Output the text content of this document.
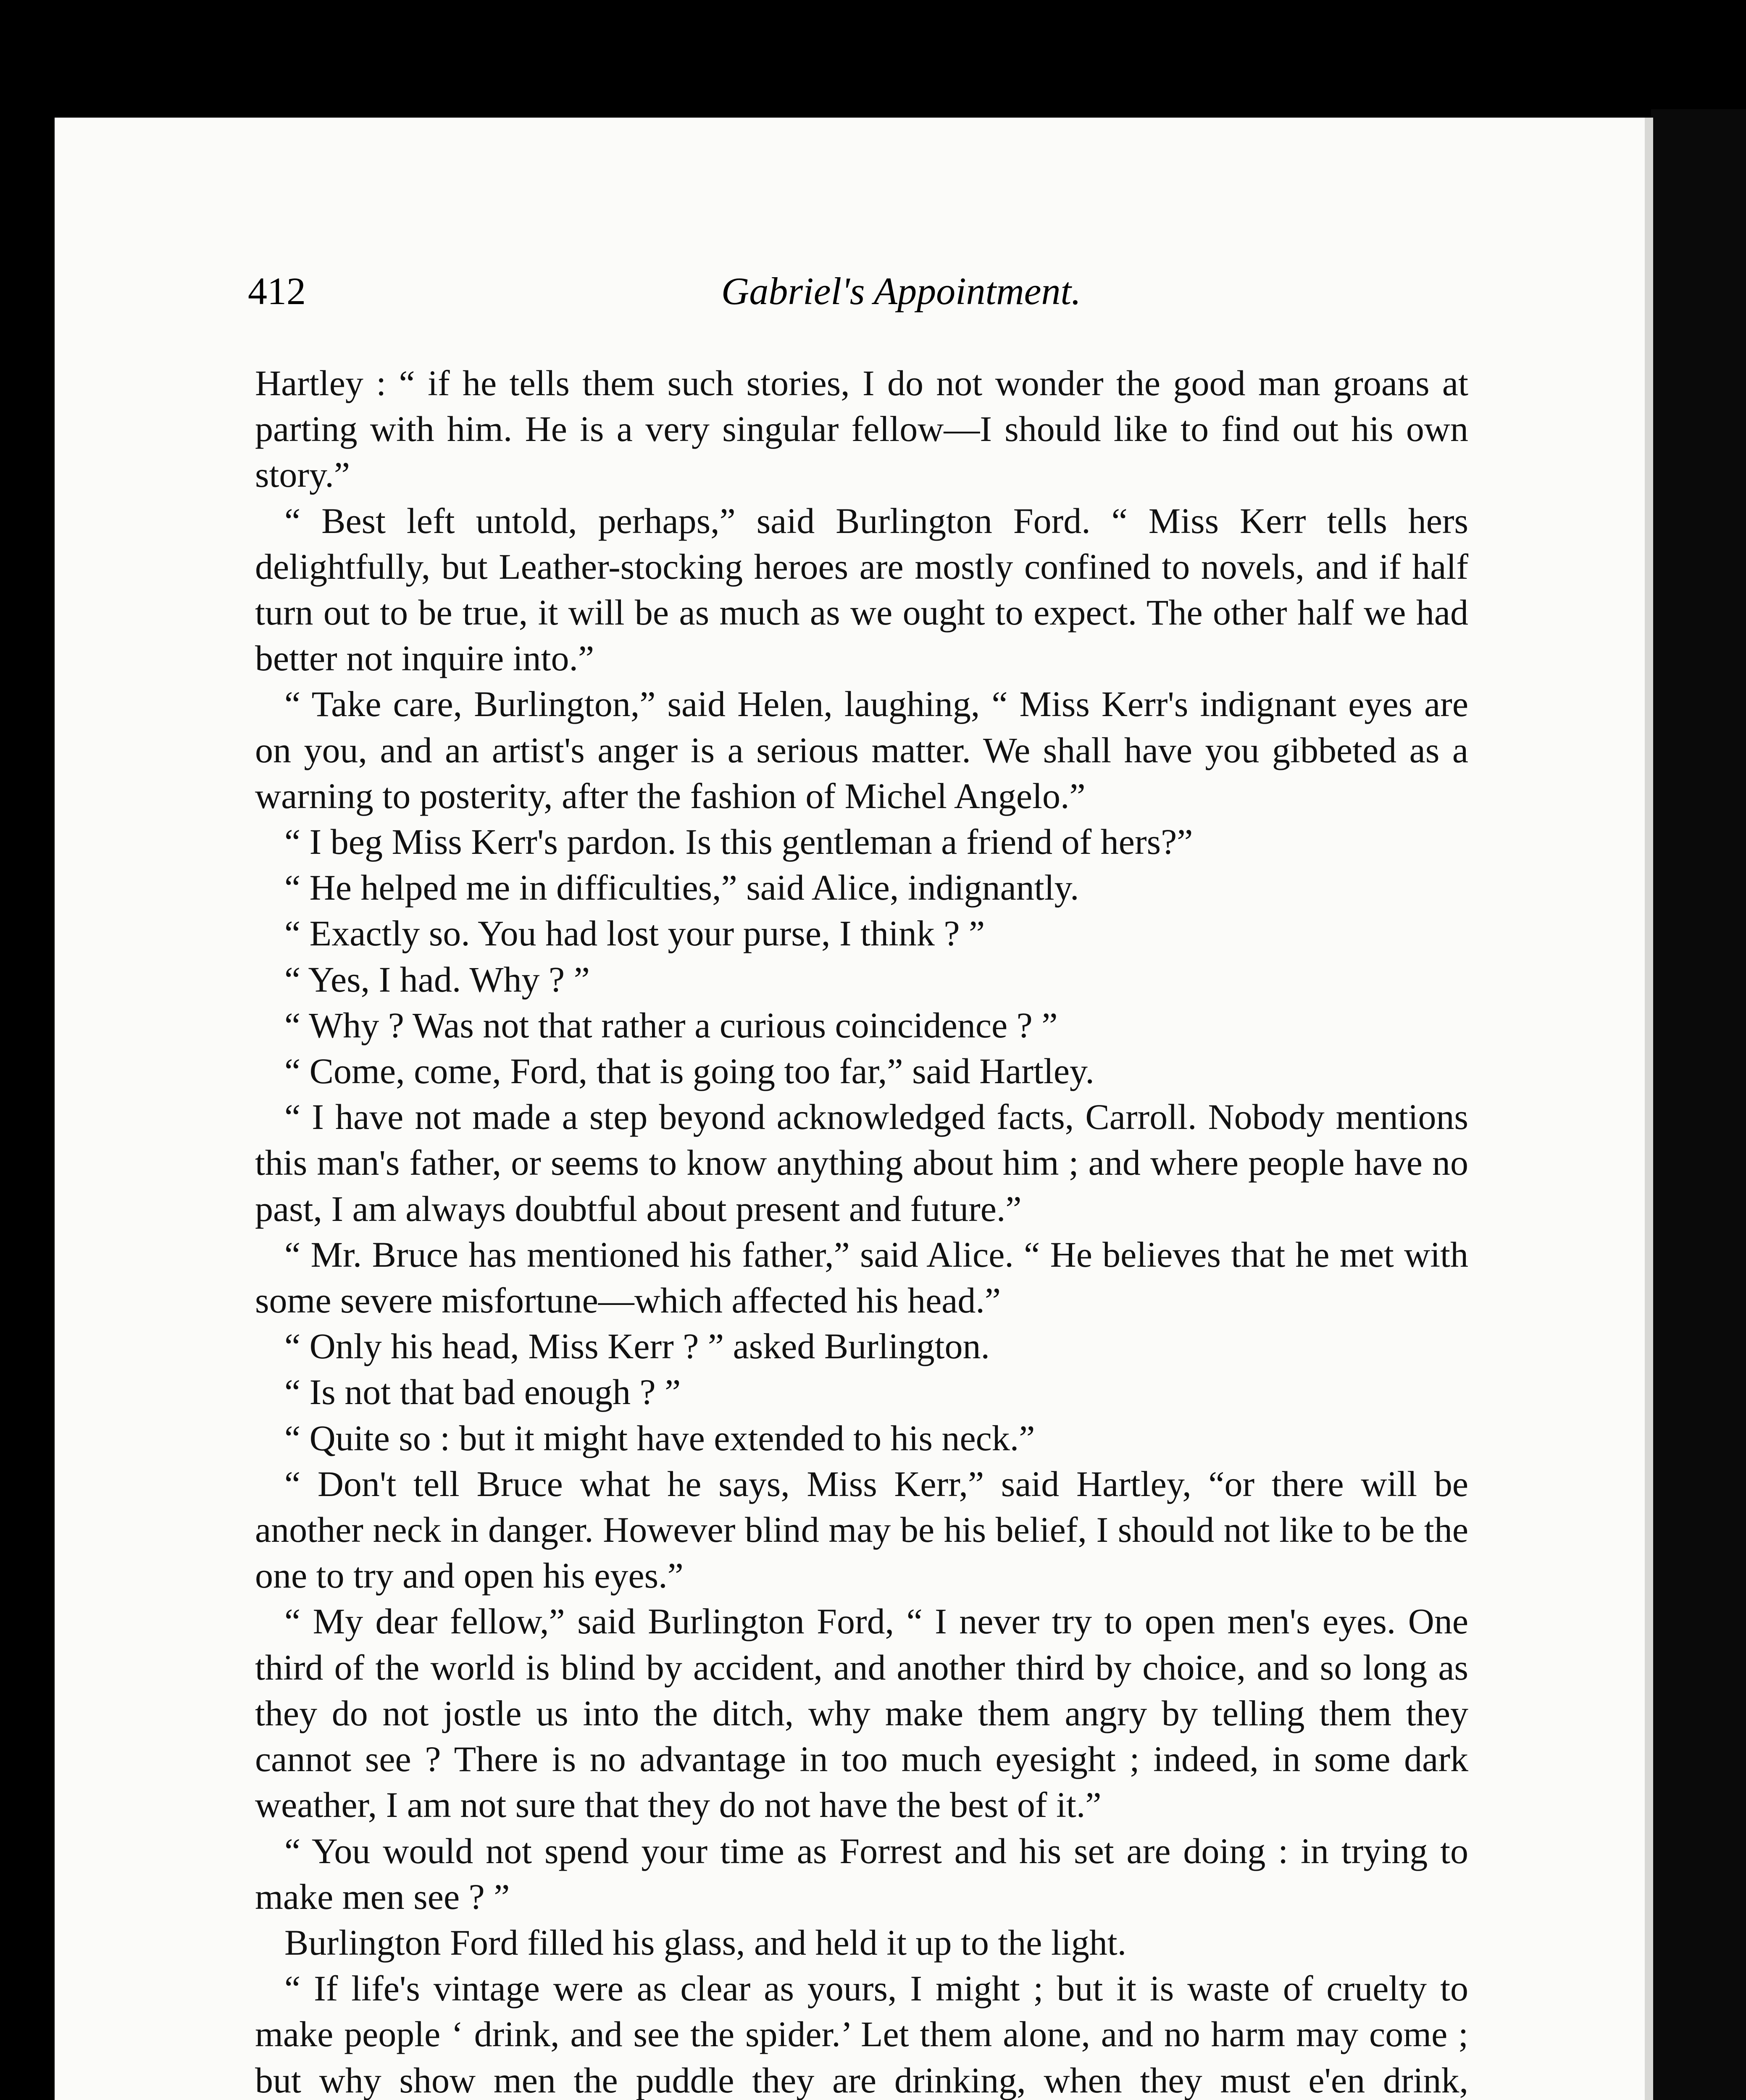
412	Gabriel's Appointment.

Hartley : “ if he tells them such stories, I do not wonder the good man groans at parting with him. He is a very singular fellow—I should like to find out his own story.”

“ Best left untold, perhaps,” said Burlington Ford. “ Miss Kerr tells hers delightfully, but Leather-stocking heroes are mostly confined to novels, and if half turn out to be true, it will be as much as we ought to expect. The other half we had better not inquire into.”

“ Take care, Burlington,” said Helen, laughing, “ Miss Kerr's indignant eyes are on you, and an artist's anger is a serious matter. We shall have you gibbeted as a warning to posterity, after the fashion of Michel Angelo.”

“ I beg Miss Kerr's pardon. Is this gentleman a friend of hers?”

“ He helped me in difficulties,” said Alice, indignantly.

“ Exactly so. You had lost your purse, I think ? ”

“ Yes, I had. Why ? ”

“ Why ? Was not that rather a curious coincidence ? ”

“ Come, come, Ford, that is going too far,” said Hartley.

“ I have not made a step beyond acknowledged facts, Carroll. Nobody mentions this man's father, or seems to know anything about him ; and where people have no past, I am always doubtful about present and future.”

“ Mr. Bruce has mentioned his father,” said Alice. “ He believes that he met with some severe misfortune—which affected his head.”

“ Only his head, Miss Kerr ? ” asked Burlington.

“ Is not that bad enough ? ”

“ Quite so : but it might have extended to his neck.”

“ Don't tell Bruce what he says, Miss Kerr,” said Hartley, “or there will be another neck in danger. However blind may be his belief, I should not like to be the one to try and open his eyes.”

“ My dear fellow,” said Burlington Ford, “ I never try to open men's eyes. One third of the world is blind by accident, and another third by choice, and so long as they do not jostle us into the ditch, why make them angry by telling them they cannot see ? There is no advantage in too much eyesight ; indeed, in some dark weather, I am not sure that they do not have the best of it.”

“ You would not spend your time as Forrest and his set are doing : in trying to make men see ? ”

Burlington Ford filled his glass, and held it up to the light.

“ If life's vintage were as clear as yours, I might ; but it is waste of cruelty to make people ‘ drink, and see the spider.’ Let them alone, and no harm may come ; but why show men the puddle they are drinking, when they must e'en drink,
